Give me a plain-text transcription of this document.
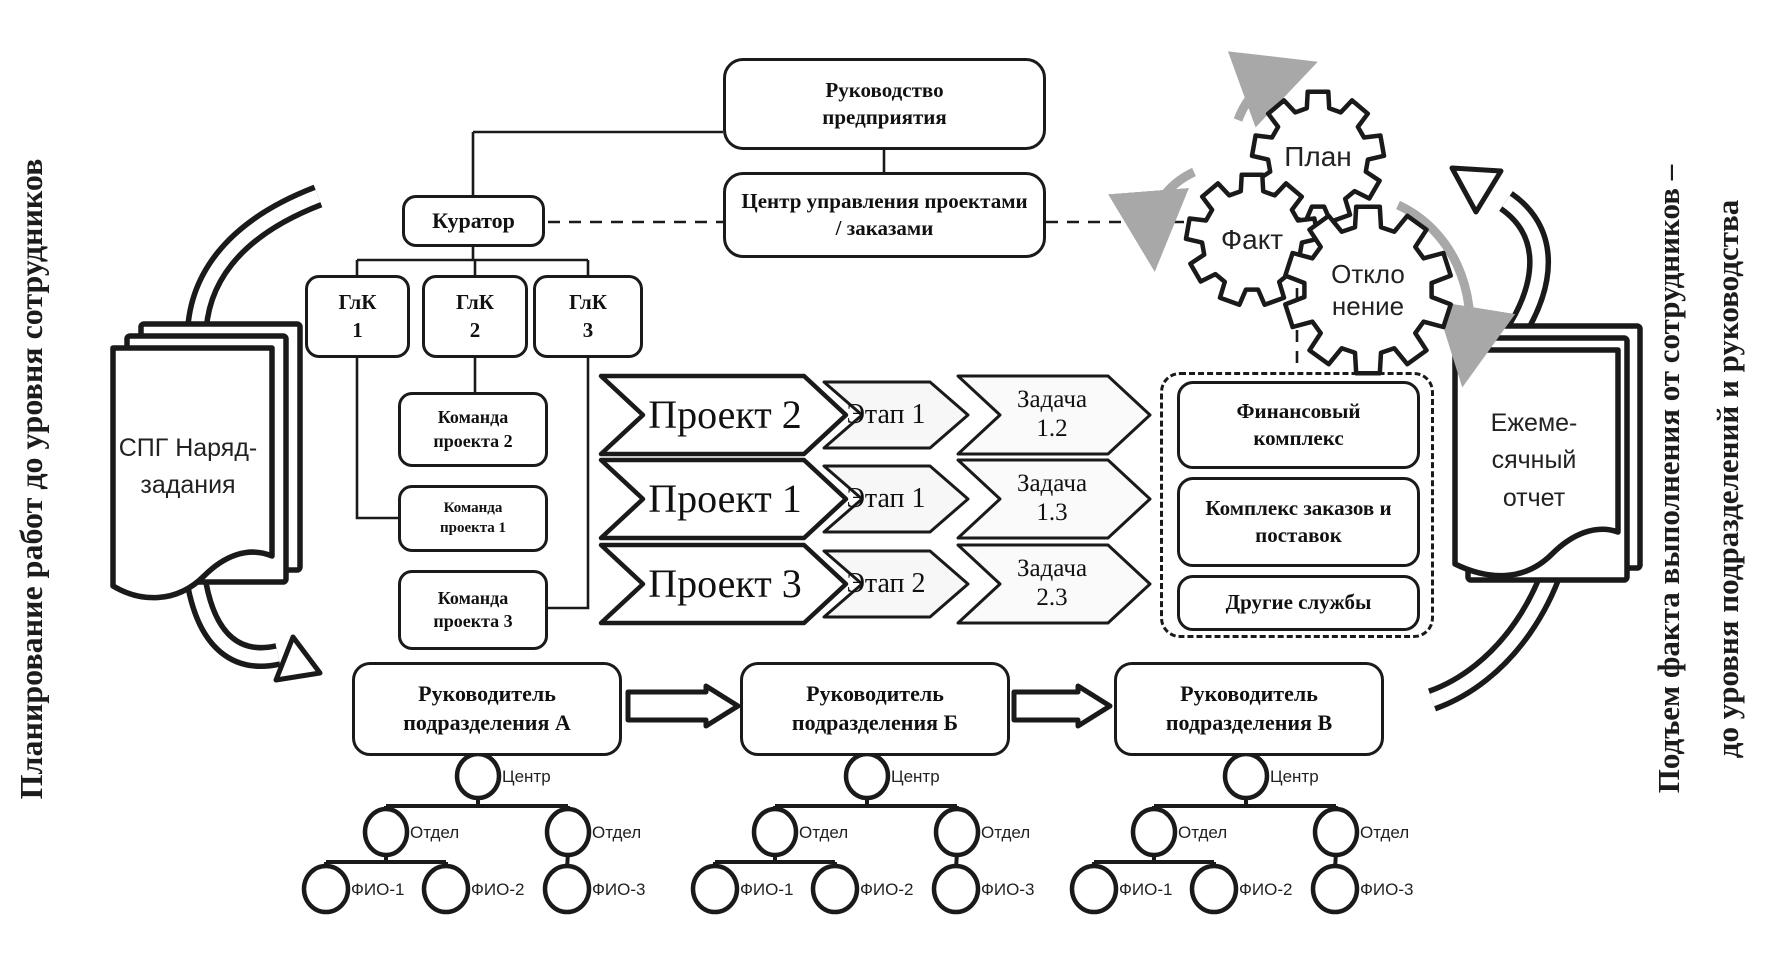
Центр
Отдел	Отдел
ФИО-1	ФИО-2	ФИО-3
Центр
Отдел	Отдел
ФИО-1	ФИО-2	ФИО-3
Центр
Отдел	Отдел
ФИО-1	ФИО-2	ФИО-3
Планирование работ до уровня сотрудников	Подъем факта выполнения от сотрудников – до уровня подразделений и руководства
Руководство предприятия
Центр управления проектами / заказами
Куратор
ГлК
1
ГлК
2
ГлК
3
Команда проекта 2
Команда проекта 1
Команда проекта 3
Проект 2	Этап 1	Задача 1.2
Проект 1	Этап 1	Задача 1.3
Проект 3	Этап 2	Задача 2.3
Финансовый комплекс
Комплекс заказов и поставок
Другие службы
План
Факт
Отклонение
СПГ Наряд-задания
Ежеме-сячный отчет
Руководитель подразделения А
Руководитель подразделения Б
Руководитель подразделения В
